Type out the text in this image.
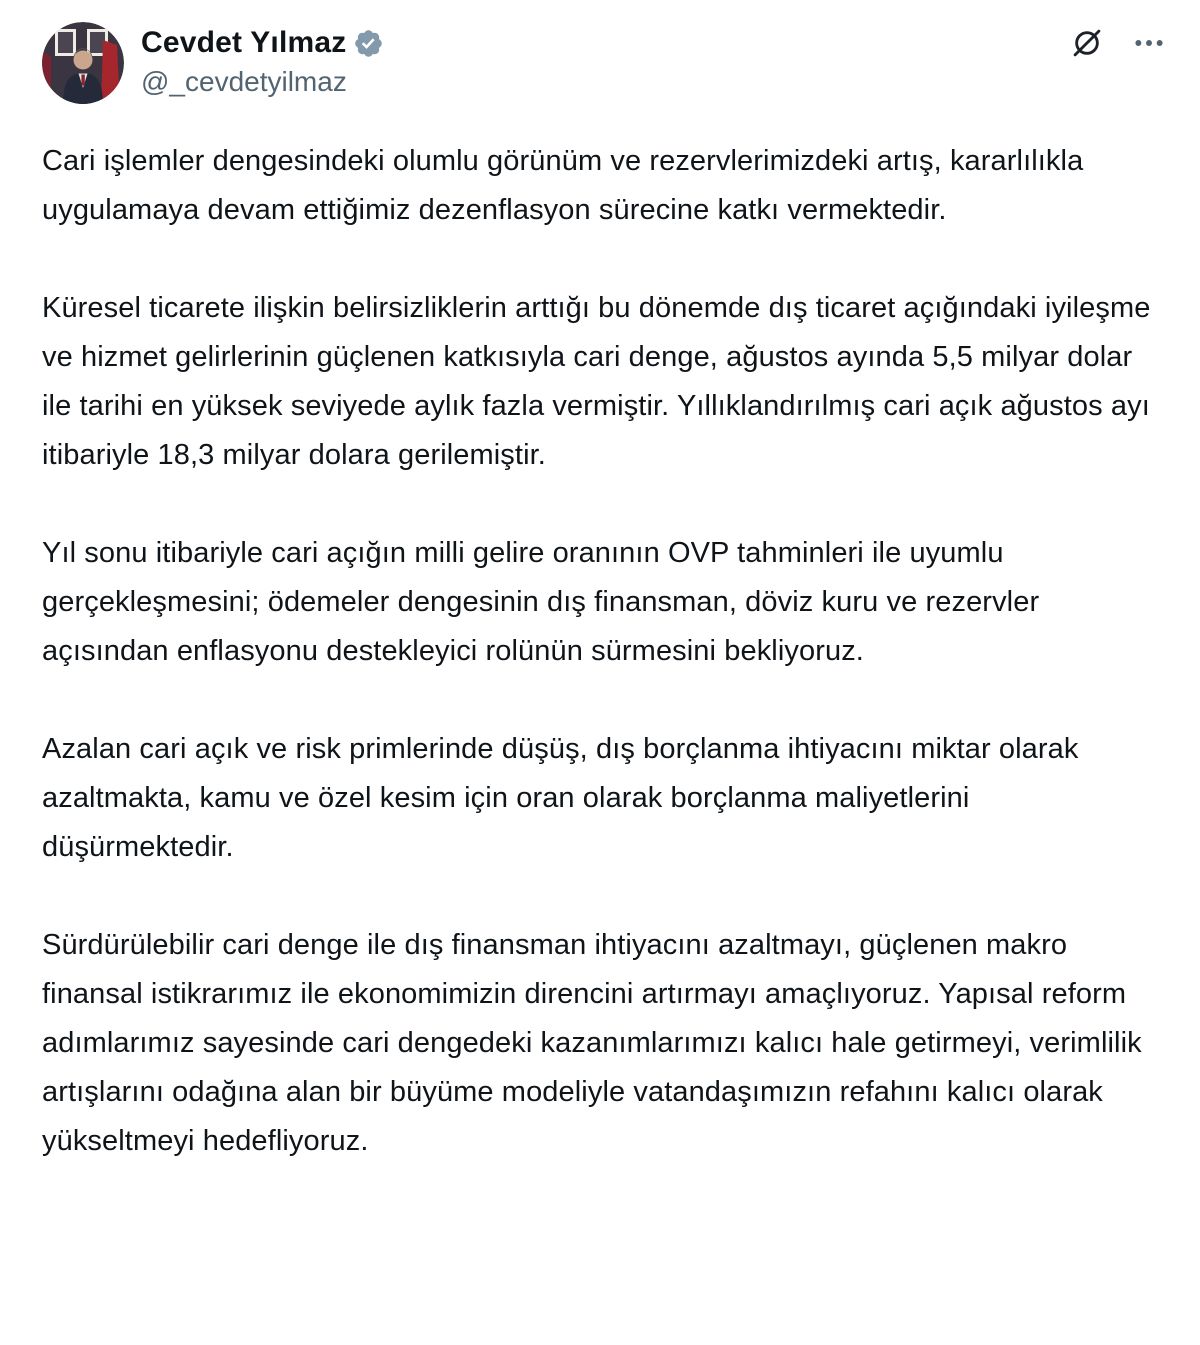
Cevdet Yılmaz
@_cevdetyilmaz

Cari işlemler dengesindeki olumlu görünüm ve rezervlerimizdeki artış, kararlılıkla uygulamaya devam ettiğimiz dezenflasyon sürecine katkı vermektedir.

Küresel ticarete ilişkin belirsizliklerin arttığı bu dönemde dış ticaret açığındaki iyileşme ve hizmet gelirlerinin güçlenen katkısıyla cari denge, ağustos ayında 5,5 milyar dolar ile tarihi en yüksek seviyede aylık fazla vermiştir. Yıllıklandırılmış cari açık ağustos ayı itibariyle 18,3 milyar dolara gerilemiştir.

Yıl sonu itibariyle cari açığın milli gelire oranının OVP tahminleri ile uyumlu gerçekleşmesini; ödemeler dengesinin dış finansman, döviz kuru ve rezervler açısından enflasyonu destekleyici rolünün sürmesini bekliyoruz.

Azalan cari açık ve risk primlerinde düşüş, dış borçlanma ihtiyacını miktar olarak azaltmakta, kamu ve özel kesim için oran olarak borçlanma maliyetlerini düşürmektedir.

Sürdürülebilir cari denge ile dış finansman ihtiyacını azaltmayı, güçlenen makro finansal istikrarımız ile ekonomimizin direncini artırmayı amaçlıyoruz. Yapısal reform adımlarımız sayesinde cari dengedeki kazanımlarımızı kalıcı hale getirmeyi, verimlilik artışlarını odağına alan bir büyüme modeliyle vatandaşımızın refahını kalıcı olarak yükseltmeyi hedefliyoruz.
